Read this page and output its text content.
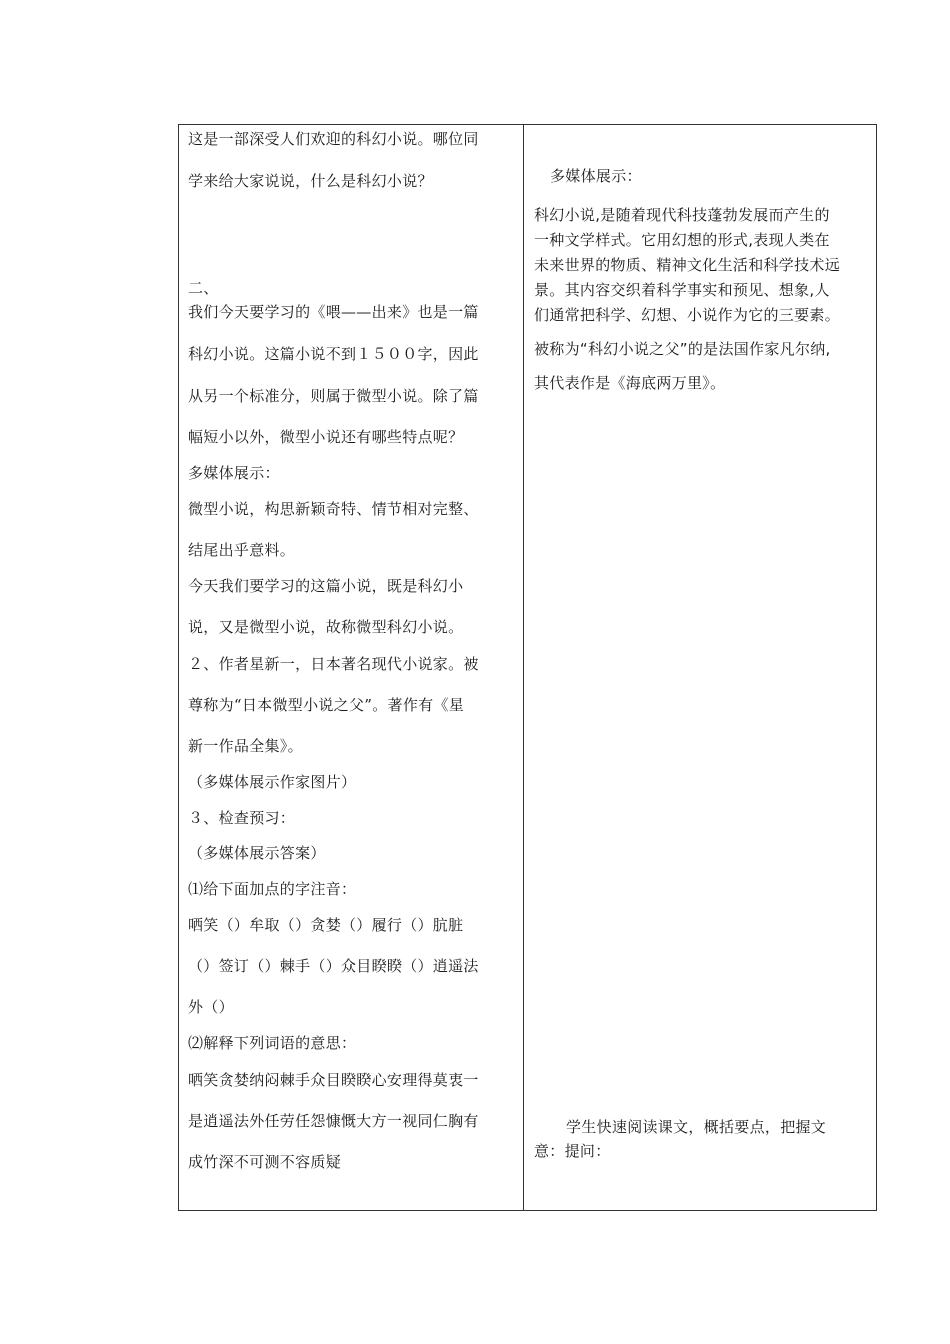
这是一部深受人们欢迎的科幻小说。哪位同
学来给大家说说，什么是科幻小说？
二、
我们今天要学习的《喂——出来》也是一篇
科幻小说。这篇小说不到１５００字，因此
从另一个标准分，则属于微型小说。除了篇
幅短小以外，微型小说还有哪些特点呢？
多媒体展示：
微型小说，构思新颖奇特、情节相对完整、
结尾出乎意料。
今天我们要学习的这篇小说，既是科幻小
说，又是微型小说，故称微型科幻小说。
２、作者星新一，日本著名现代小说家。被
尊称为“日本微型小说之父”。著作有《星
新一作品全集》。
（多媒体展示作家图片）
３、检查预习：
（多媒体展示答案）
⑴给下面加点的字注音：
哂笑（）牟取（）贪婪（）履行（）肮脏
（）签订（）棘手（）众目睽睽（）逍遥法
外（）
⑵解释下列词语的意思：
哂笑贪婪纳闷棘手众目睽睽心安理得莫衷一
是逍遥法外任劳任怨慷慨大方一视同仁胸有
成竹深不可测不容质疑
多媒体展示：
科幻小说,是随着现代科技蓬勃发展而产生的
一种文学样式。它用幻想的形式,表现人类在
未来世界的物质、精神文化生活和科学技术远
景。其内容交织着科学事实和预见、想象,人
们通常把科学、幻想、小说作为它的三要素。
被称为“科幻小说之父”的是法国作家凡尔纳,
其代表作是《海底两万里》。
学生快速阅读课文，概括要点，把握文
意：提问：
